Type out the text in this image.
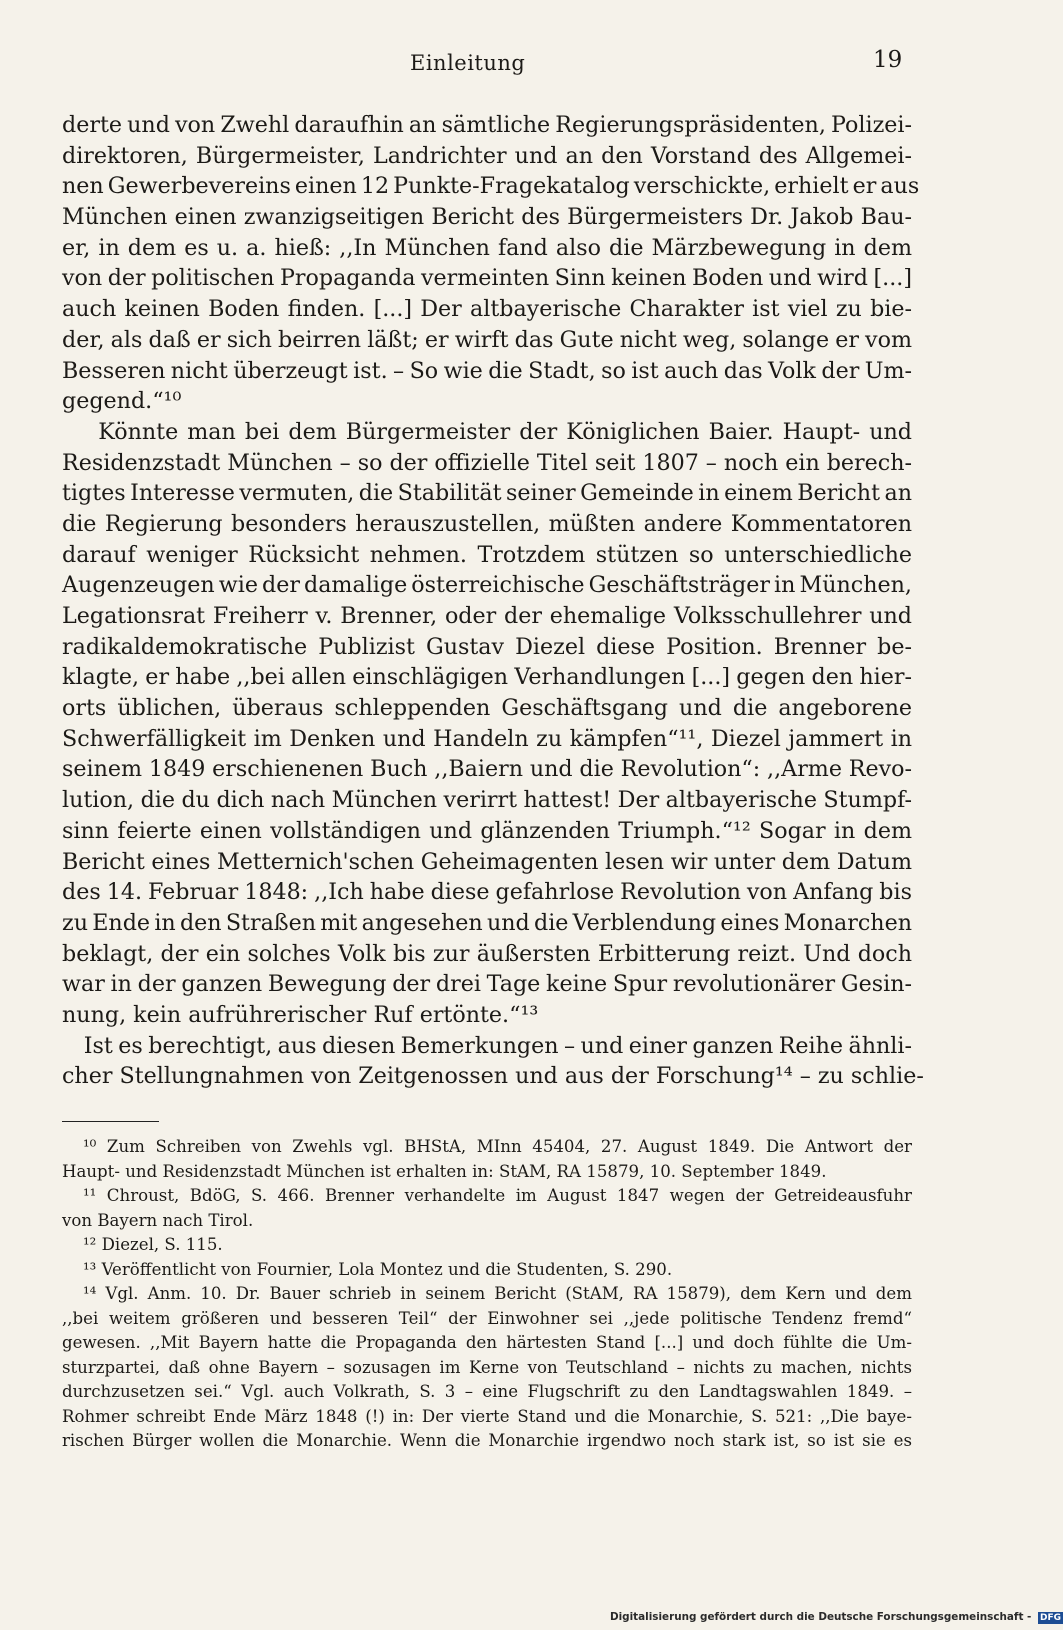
Einleitung	19
derte und von Zwehl daraufhin an sämtliche Regierungspräsidenten, Polizei-
direktoren, Bürgermeister, Landrichter und an den Vorstand des Allgemei-
nen Gewerbevereins einen 12 Punkte-Fragekatalog verschickte, erhielt er aus
München einen zwanzigseitigen Bericht des Bürgermeisters Dr. Jakob Bau-
er, in dem es u. a. hieß: ,,In München fand also die Märzbewegung in dem
von der politischen Propaganda vermeinten Sinn keinen Boden und wird [...]
auch keinen Boden finden. [...] Der altbayerische Charakter ist viel zu bie-
der, als daß er sich beirren läßt; er wirft das Gute nicht weg, solange er vom
Besseren nicht überzeugt ist. – So wie die Stadt, so ist auch das Volk der Um-
gegend.“¹⁰
Könnte man bei dem Bürgermeister der Königlichen Baier. Haupt- und
Residenzstadt München – so der offizielle Titel seit 1807 – noch ein berech-
tigtes Interesse vermuten, die Stabilität seiner Gemeinde in einem Bericht an
die Regierung besonders herauszustellen, müßten andere Kommentatoren
darauf weniger Rücksicht nehmen. Trotzdem stützen so unterschiedliche
Augenzeugen wie der damalige österreichische Geschäftsträger in München,
Legationsrat Freiherr v. Brenner, oder der ehemalige Volksschullehrer und
radikaldemokratische Publizist Gustav Diezel diese Position. Brenner be-
klagte, er habe ,,bei allen einschlägigen Verhandlungen [...] gegen den hier-
orts üblichen, überaus schleppenden Geschäftsgang und die angeborene
Schwerfälligkeit im Denken und Handeln zu kämpfen“¹¹, Diezel jammert in
seinem 1849 erschienenen Buch ,,Baiern und die Revolution“: ,,Arme Revo-
lution, die du dich nach München verirrt hattest! Der altbayerische Stumpf-
sinn feierte einen vollständigen und glänzenden Triumph.“¹² Sogar in dem
Bericht eines Metternich'schen Geheimagenten lesen wir unter dem Datum
des 14. Februar 1848: ,,Ich habe diese gefahrlose Revolution von Anfang bis
zu Ende in den Straßen mit angesehen und die Verblendung eines Monarchen
beklagt, der ein solches Volk bis zur äußersten Erbitterung reizt. Und doch
war in der ganzen Bewegung der drei Tage keine Spur revolutionärer Gesin-
nung, kein aufrührerischer Ruf ertönte.“¹³
Ist es berechtigt, aus diesen Bemerkungen – und einer ganzen Reihe ähnli-
cher Stellungnahmen von Zeitgenossen und aus der Forschung¹⁴ – zu schlie-
¹⁰ Zum Schreiben von Zwehls vgl. BHStA, MInn 45404, 27. August 1849. Die Antwort der
Haupt- und Residenzstadt München ist erhalten in: StAM, RA 15879, 10. September 1849.
¹¹ Chroust, BdöG, S. 466. Brenner verhandelte im August 1847 wegen der Getreideausfuhr
von Bayern nach Tirol.
¹² Diezel, S. 115.
¹³ Veröffentlicht von Fournier, Lola Montez und die Studenten, S. 290.
¹⁴ Vgl. Anm. 10. Dr. Bauer schrieb in seinem Bericht (StAM, RA 15879), dem Kern und dem
,,bei weitem größeren und besseren Teil“ der Einwohner sei ,,jede politische Tendenz fremd“
gewesen. ,,Mit Bayern hatte die Propaganda den härtesten Stand [...] und doch fühlte die Um-
sturzpartei, daß ohne Bayern – sozusagen im Kerne von Teutschland – nichts zu machen, nichts
durchzusetzen sei.“ Vgl. auch Volkrath, S. 3 – eine Flugschrift zu den Landtagswahlen 1849. –
Rohmer schreibt Ende März 1848 (!) in: Der vierte Stand und die Monarchie, S. 521: ,,Die baye-
rischen Bürger wollen die Monarchie. Wenn die Monarchie irgendwo noch stark ist, so ist sie es
Digitalisierung gefördert durch die Deutsche Forschungsgemeinschaft - DFG
